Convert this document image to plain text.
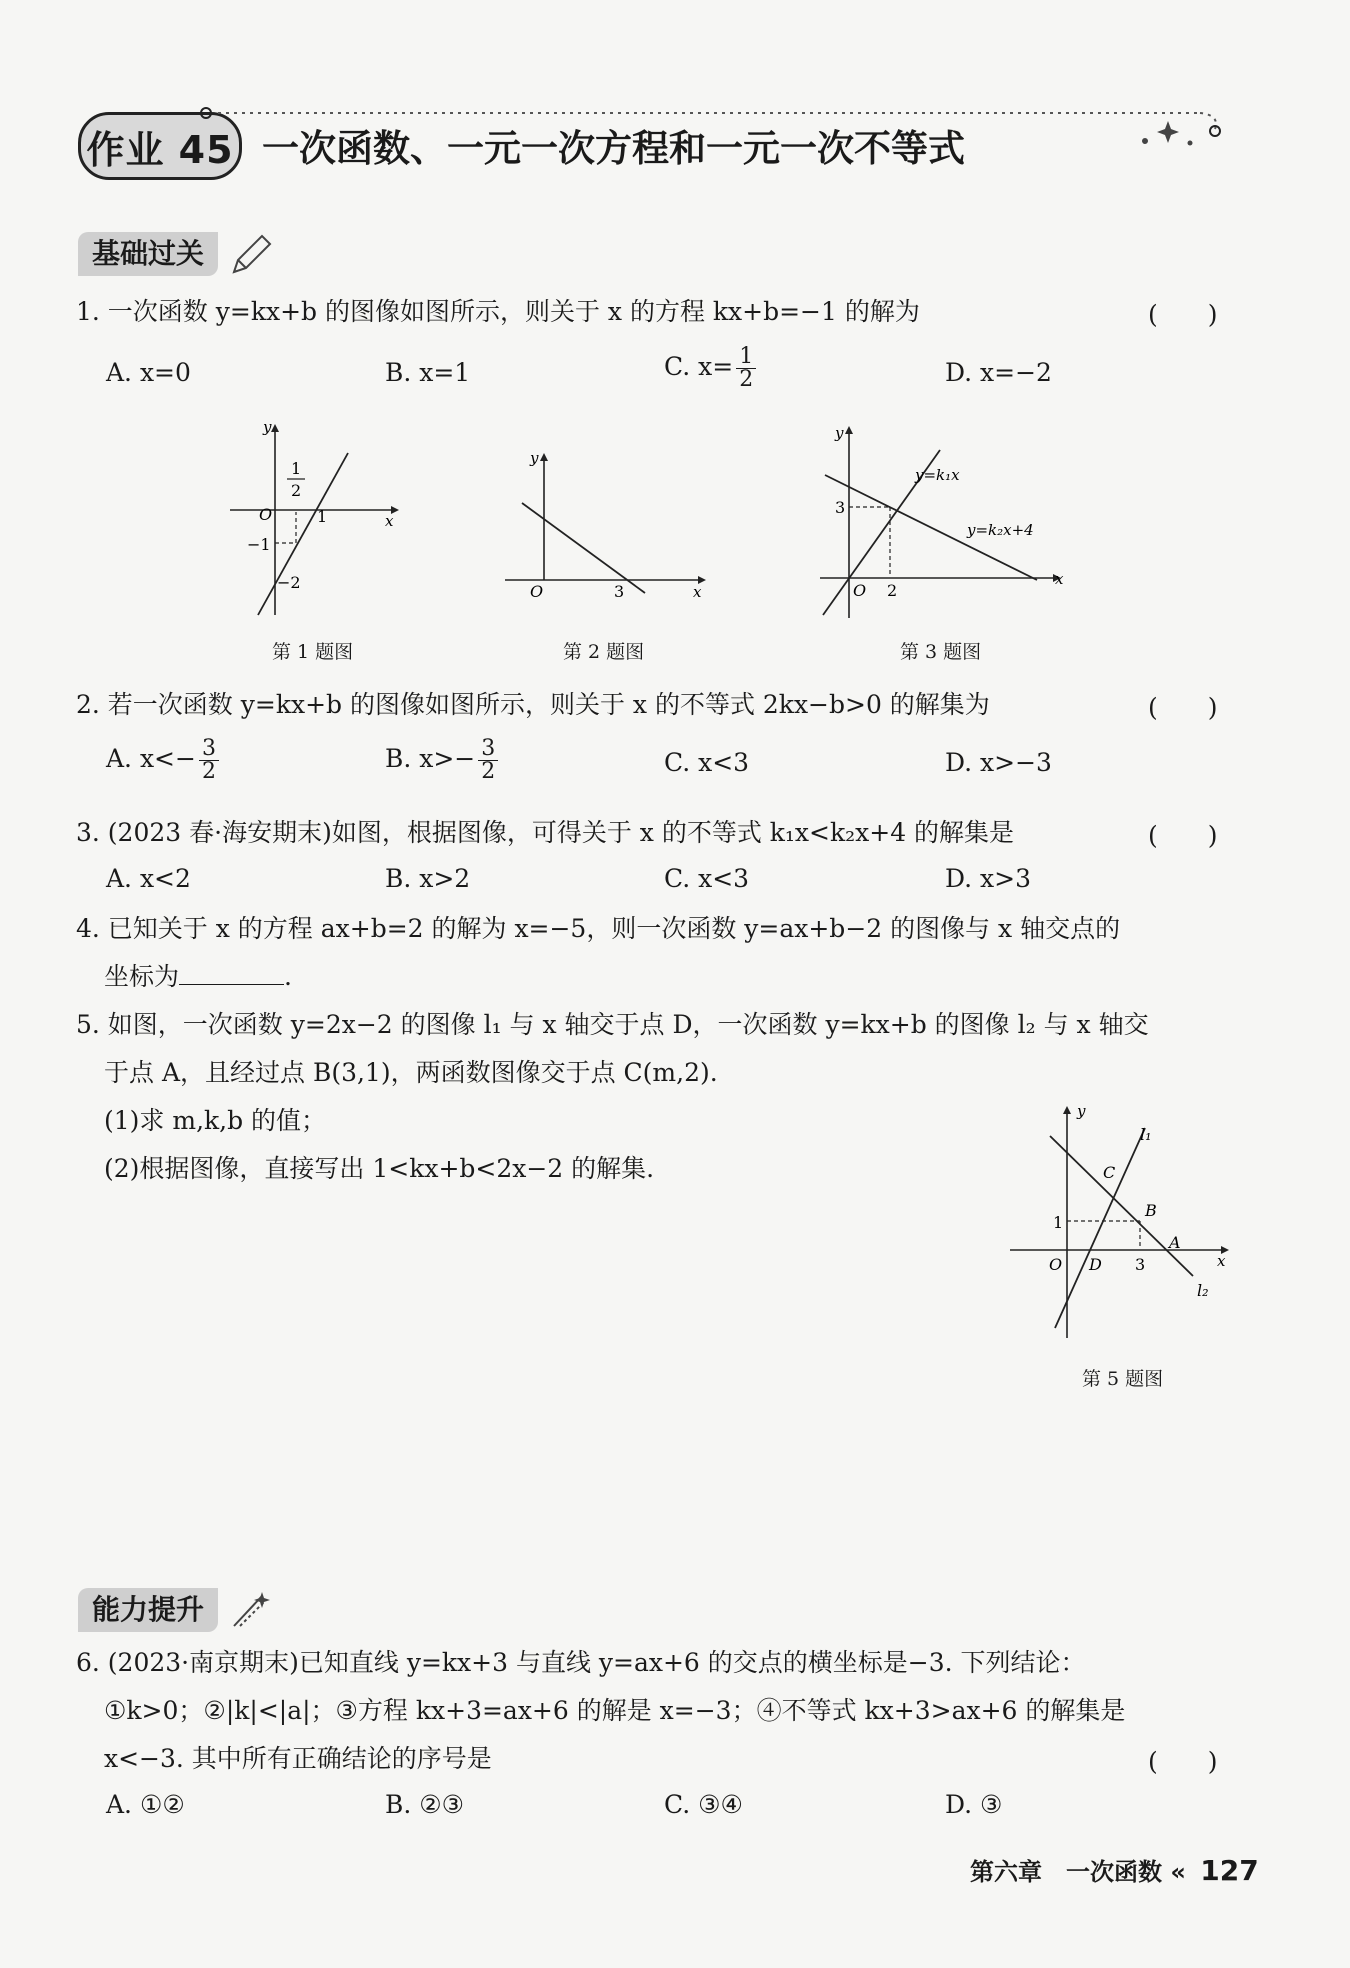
作业 45 一次函数、一元一次方程和一元一次不等式
基础过关
1. 一次函数 y=kx+b 的图像如图所示，则关于 x 的方程 kx+b=−1 的解为	(　　)
A. x=0	B. x=1	C. $x= \frac{1}{2}$	D. x=−2
y
x
O
1
2
1
−1
−2
第 1 题图
y
x
O	3
第 2 题图
y
x
O
3
2
y=k₁x
y=k₂x+4
第 3 题图
2. 若一次函数 y=kx+b 的图像如图所示，则关于 x 的不等式 2kx−b>0 的解集为	(　　)
A. $x<- \frac{3}{2}$	B. $x>- \frac{3}{2}$	C. x<3	D. x>−3
3. (2023 春·海安期末)如图，根据图像，可得关于 x 的不等式 k₁x<k₂x+4 的解集是	(　　)
A. x<2	B. x>2	C. x<3	D. x>3
4. 已知关于 x 的方程 ax+b=2 的解为 x=−5，则一次函数 y=ax+b−2 的图像与 x 轴交点的
坐标为	.
5. 如图，一次函数 y=2x−2 的图像 l₁ 与 x 轴交于点 D，一次函数 y=kx+b 的图像 l₂ 与 x 轴交
于点 A，且经过点 B(3,1)，两函数图像交于点 C(m,2).
(1)求 m,k,b 的值；
(2)根据图像，直接写出 1<kx+b<2x−2 的解集.
y
x
O
l₁
l₂
C
B
A
D
1
3
第 5 题图
能力提升
6. (2023·南京期末)已知直线 y=kx+3 与直线 y=ax+6 的交点的横坐标是−3. 下列结论：
①k>0；②|k|<|a|；③方程 kx+3=ax+6 的解是 x=−3；④不等式 kx+3>ax+6 的解集是
x<−3. 其中所有正确结论的序号是	(　　)
A. ①②	B. ②③	C. ③④	D. ③
第六章　一次函数 « 127
